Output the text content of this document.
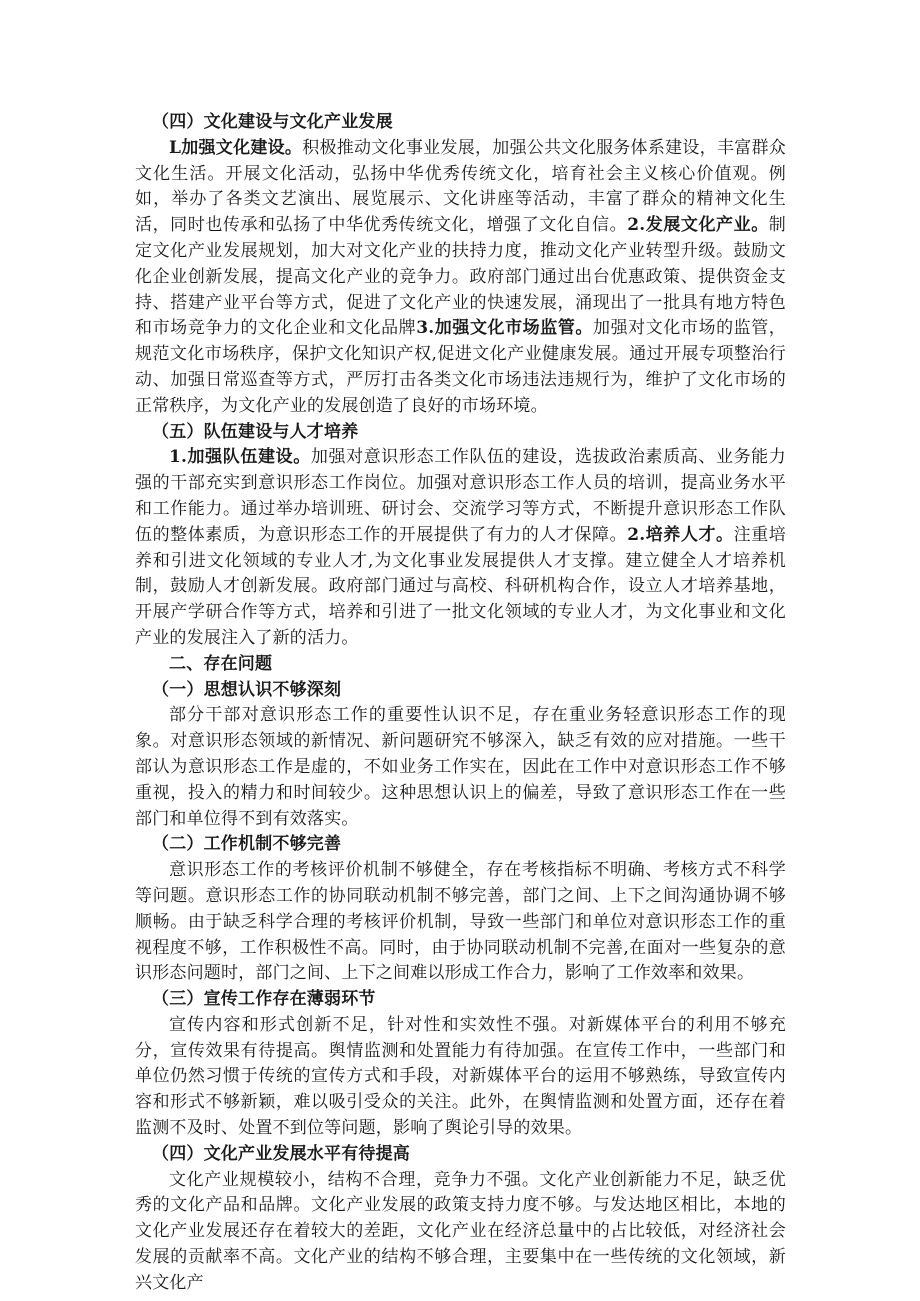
（四）文化建设与文化产业发展

L加强文化建设。积极推动文化事业发展，加强公共文化服务体系建设，丰富群众文化生活。开展文化活动，弘扬中华优秀传统文化，培育社会主义核心价值观。例如，举办了各类文艺演出、展览展示、文化讲座等活动，丰富了群众的精神文化生活，同时也传承和弘扬了中华优秀传统文化，增强了文化自信。2.发展文化产业。制定文化产业发展规划，加大对文化产业的扶持力度，推动文化产业转型升级。鼓励文化企业创新发展，提高文化产业的竞争力。政府部门通过出台优惠政策、提供资金支持、搭建产业平台等方式，促进了文化产业的快速发展，涌现出了一批具有地方特色和市场竞争力的文化企业和文化品牌3.加强文化市场监管。加强对文化市场的监管，规范文化市场秩序，保护文化知识产权,促进文化产业健康发展。通过开展专项整治行动、加强日常巡查等方式，严厉打击各类文化市场违法违规行为，维护了文化市场的正常秩序，为文化产业的发展创造了良好的市场环境。

（五）队伍建设与人才培养

1.加强队伍建设。加强对意识形态工作队伍的建设，选拔政治素质高、业务能力强的干部充实到意识形态工作岗位。加强对意识形态工作人员的培训，提高业务水平和工作能力。通过举办培训班、研讨会、交流学习等方式，不断提升意识形态工作队伍的整体素质，为意识形态工作的开展提供了有力的人才保障。2.培养人才。注重培养和引进文化领域的专业人才,为文化事业发展提供人才支撑。建立健全人才培养机制，鼓励人才创新发展。政府部门通过与高校、科研机构合作，设立人才培养基地，开展产学研合作等方式，培养和引进了一批文化领域的专业人才，为文化事业和文化产业的发展注入了新的活力。

二、存在问题

（一）思想认识不够深刻

部分干部对意识形态工作的重要性认识不足，存在重业务轻意识形态工作的现象。对意识形态领域的新情况、新问题研究不够深入，缺乏有效的应对措施。一些干部认为意识形态工作是虚的，不如业务工作实在，因此在工作中对意识形态工作不够重视，投入的精力和时间较少。这种思想认识上的偏差，导致了意识形态工作在一些部门和单位得不到有效落实。

（二）工作机制不够完善

意识形态工作的考核评价机制不够健全，存在考核指标不明确、考核方式不科学等问题。意识形态工作的协同联动机制不够完善，部门之间、上下之间沟通协调不够顺畅。由于缺乏科学合理的考核评价机制，导致一些部门和单位对意识形态工作的重视程度不够，工作积极性不高。同时，由于协同联动机制不完善,在面对一些复杂的意识形态问题时，部门之间、上下之间难以形成工作合力，影响了工作效率和效果。

（三）宣传工作存在薄弱环节

宣传内容和形式创新不足，针对性和实效性不强。对新媒体平台的利用不够充分，宣传效果有待提高。舆情监测和处置能力有待加强。在宣传工作中，一些部门和单位仍然习惯于传统的宣传方式和手段，对新媒体平台的运用不够熟练，导致宣传内容和形式不够新颖，难以吸引受众的关注。此外，在舆情监测和处置方面，还存在着监测不及时、处置不到位等问题，影响了舆论引导的效果。

（四）文化产业发展水平有待提高

文化产业规模较小，结构不合理，竞争力不强。文化产业创新能力不足，缺乏优秀的文化产品和品牌。文化产业发展的政策支持力度不够。与发达地区相比，本地的文化产业发展还存在着较大的差距，文化产业在经济总量中的占比较低，对经济社会发展的贡献率不高。文化产业的结构不够合理，主要集中在一些传统的文化领域，新兴文化产
